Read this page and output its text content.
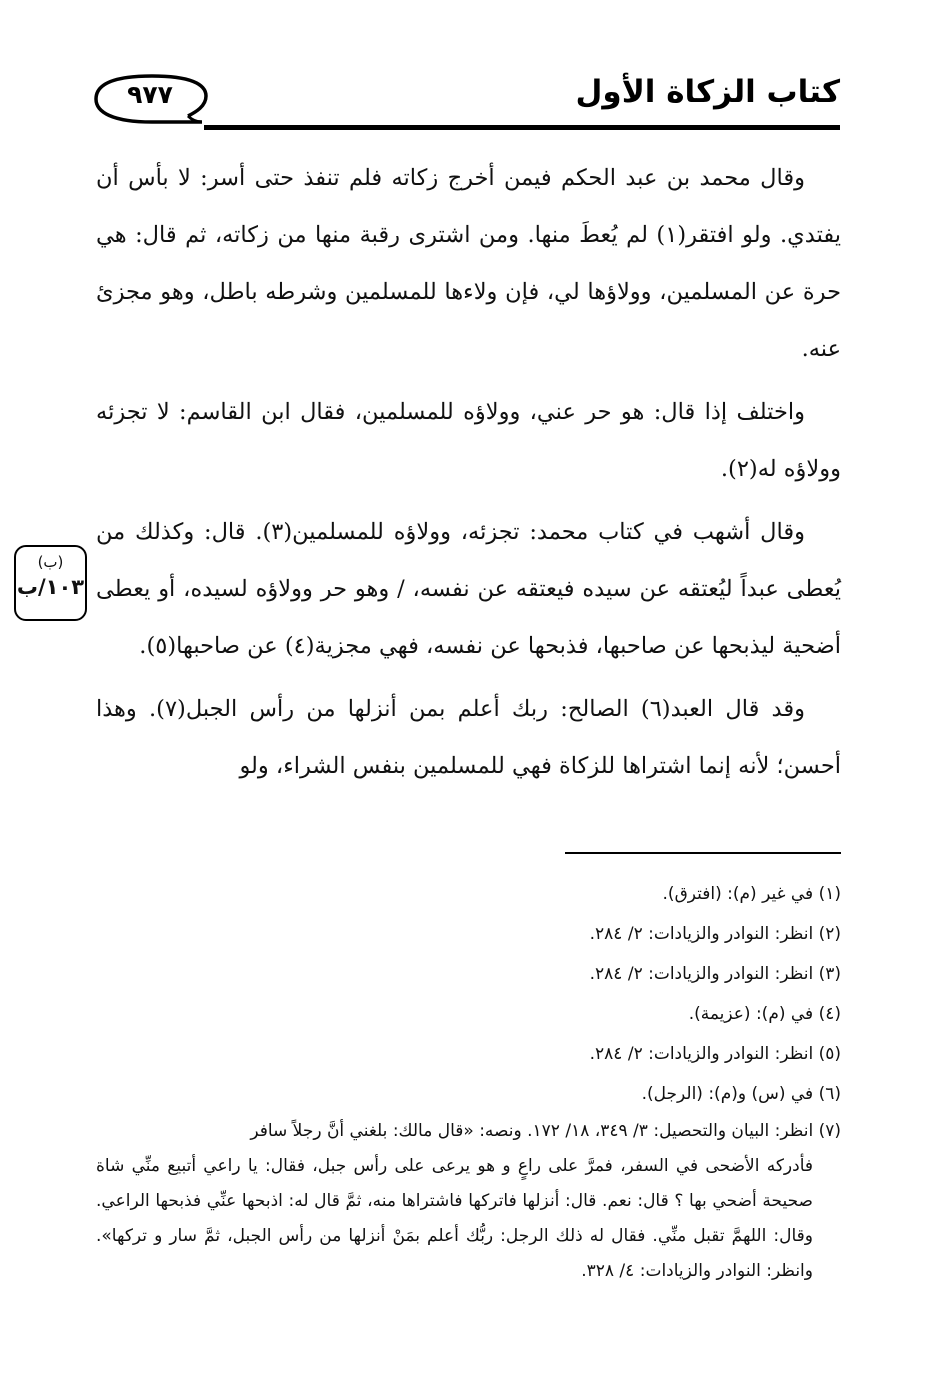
٩٧٧	كتاب الزكاة الأول

وقال محمد بن عبد الحكم فيمن أخرج زكاته فلم تنفذ حتى أسر: لا بأس أن يفتدي. ولو افتقر(١) لم يُعطَ منها. ومن اشترى رقبة منها من زكاته، ثم قال: هي حرة عن المسلمين، وولاؤها لي، فإن ولاءها للمسلمين وشرطه باطل، وهو مجزئ عنه.

واختلف إذا قال: هو حر عني، وولاؤه للمسلمين، فقال ابن القاسم: لا تجزئه وولاؤه له(٢).

وقال أشهب في كتاب محمد: تجزئه، وولاؤه للمسلمين(٣). قال: وكذلك من يُعطى عبداً ليُعتقه عن سيده فيعتقه عن نفسه، / وهو حر وولاؤه لسيده، أو يعطى أضحية ليذبحها عن صاحبها، فذبحها عن نفسه، فهي مجزية(٤) عن صاحبها(٥).

وقد قال العبد(٦) الصالح: ربك أعلم بمن أنزلها من رأس الجبل(٧). وهذا أحسن؛ لأنه إنما اشتراها للزكاة فهي للمسلمين بنفس الشراء، ولو

(ب)
١٠٣/ب

(١) في غير (م): (افترق).

(٢) انظر: النوادر والزيادات: ٢/ ٢٨٤.

(٣) انظر: النوادر والزيادات: ٢/ ٢٨٤.

(٤) في (م): (عزيمة).

(٥) انظر: النوادر والزيادات: ٢/ ٢٨٤.

(٦) في (س) و(م): (الرجل).

(٧) انظر: البيان والتحصيل: ٣/ ٣٤٩، ١٨/ ١٧٢. ونصه: «قال مالك: بلغني أنَّ رجلاً سافر
فأدركه الأضحى في السفر، فمرَّ على راعٍ و هو يرعى على رأس جبل، فقال: يا راعي أتبيع منِّي شاة صحيحة أضحي بها ؟ قال: نعم. قال: أنزلها فاتركها فاشتراها منه، ثمَّ قال له: اذبحها عنِّي فذبحها الراعي. وقال: اللهمَّ تقبل منِّي. فقال له ذلك الرجل: ربُّك أعلم بمَنْ أنزلها من رأس الجبل، ثمَّ سار و تركها». وانظر: النوادر والزيادات: ٤/ ٣٢٨.
